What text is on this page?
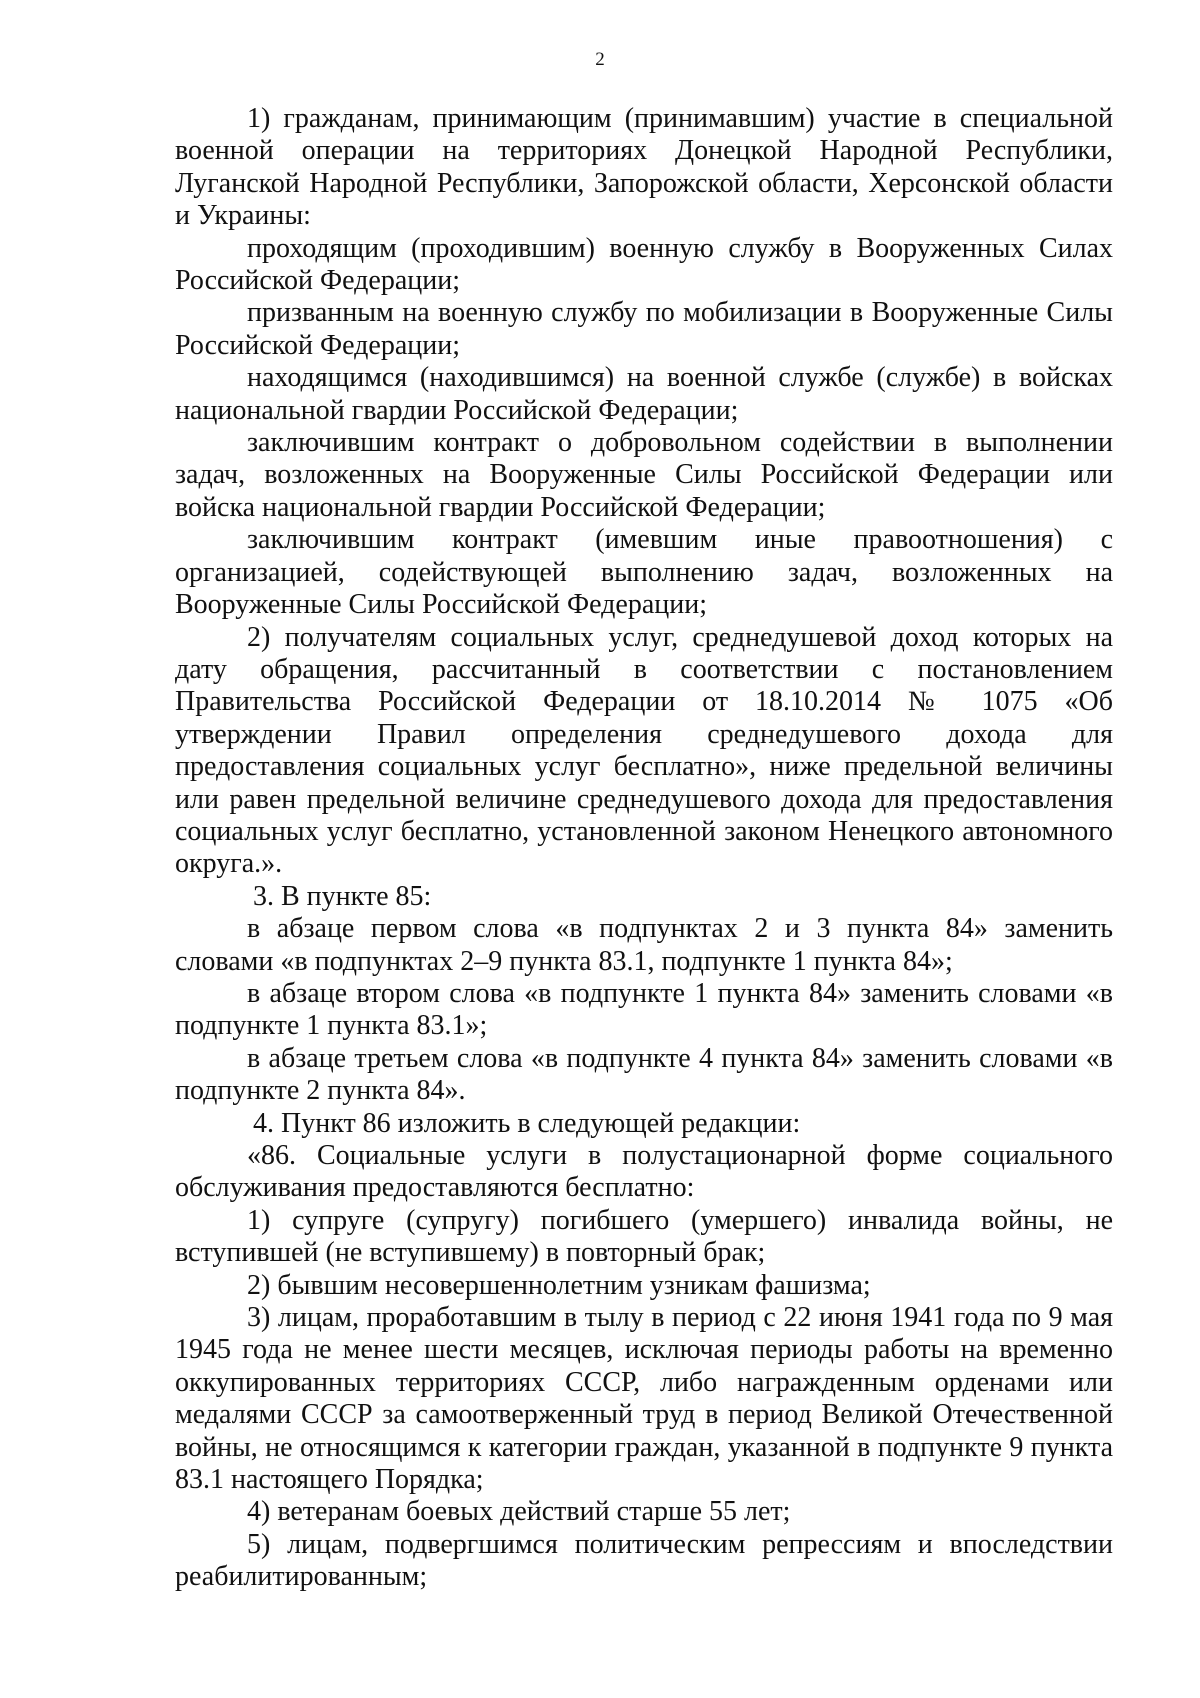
2

1) гражданам, принимающим (принимавшим) участие в специальной военной операции на территориях Донецкой Народной Республики, Луганской Народной Республики, Запорожской области, Херсонской области и Украины:

проходящим (проходившим) военную службу в Вооруженных Силах Российской Федерации;

призванным на военную службу по мобилизации в Вооруженные Силы Российской Федерации;

находящимся (находившимся) на военной службе (службе) в войсках национальной гвардии Российской Федерации;

заключившим контракт о добровольном содействии в выполнении задач, возложенных на Вооруженные Силы Российской Федерации или войска национальной гвардии Российской Федерации;

заключившим контракт (имевшим иные правоотношения) с организацией, содействующей выполнению задач, возложенных на Вооруженные Силы Российской Федерации;

2) получателям социальных услуг, среднедушевой доход которых на дату обращения, рассчитанный в соответствии с постановлением Правительства Российской Федерации от 18.10.2014 № 1075 «Об утверждении Правил определения среднедушевого дохода для предоставления социальных услуг бесплатно», ниже предельной величины или равен предельной величине среднедушевого дохода для предоставления социальных услуг бесплатно, установленной законом Ненецкого автономного округа.».

3. В пункте 85:

в абзаце первом слова «в подпунктах 2 и 3 пункта 84» заменить словами «в подпунктах 2–9 пункта 83.1, подпункте 1 пункта 84»;

в абзаце втором слова «в подпункте 1 пункта 84» заменить словами «в подпункте 1 пункта 83.1»;

в абзаце третьем слова «в подпункте 4 пункта 84» заменить словами «в подпункте 2 пункта 84».

4. Пункт 86 изложить в следующей редакции:

«86. Социальные услуги в полустационарной форме социального обслуживания предоставляются бесплатно:

1) супруге (супругу) погибшего (умершего) инвалида войны, не вступившей (не вступившему) в повторный брак;

2) бывшим несовершеннолетним узникам фашизма;

3) лицам, проработавшим в тылу в период с 22 июня 1941 года по 9 мая 1945 года не менее шести месяцев, исключая периоды работы на временно оккупированных территориях СССР, либо награжденным орденами или медалями СССР за самоотверженный труд в период Великой Отечественной войны, не относящимся к категории граждан, указанной в подпункте 9 пункта 83.1 настоящего Порядка;

4) ветеранам боевых действий старше 55 лет;

5) лицам, подвергшимся политическим репрессиям и впоследствии реабилитированным;
